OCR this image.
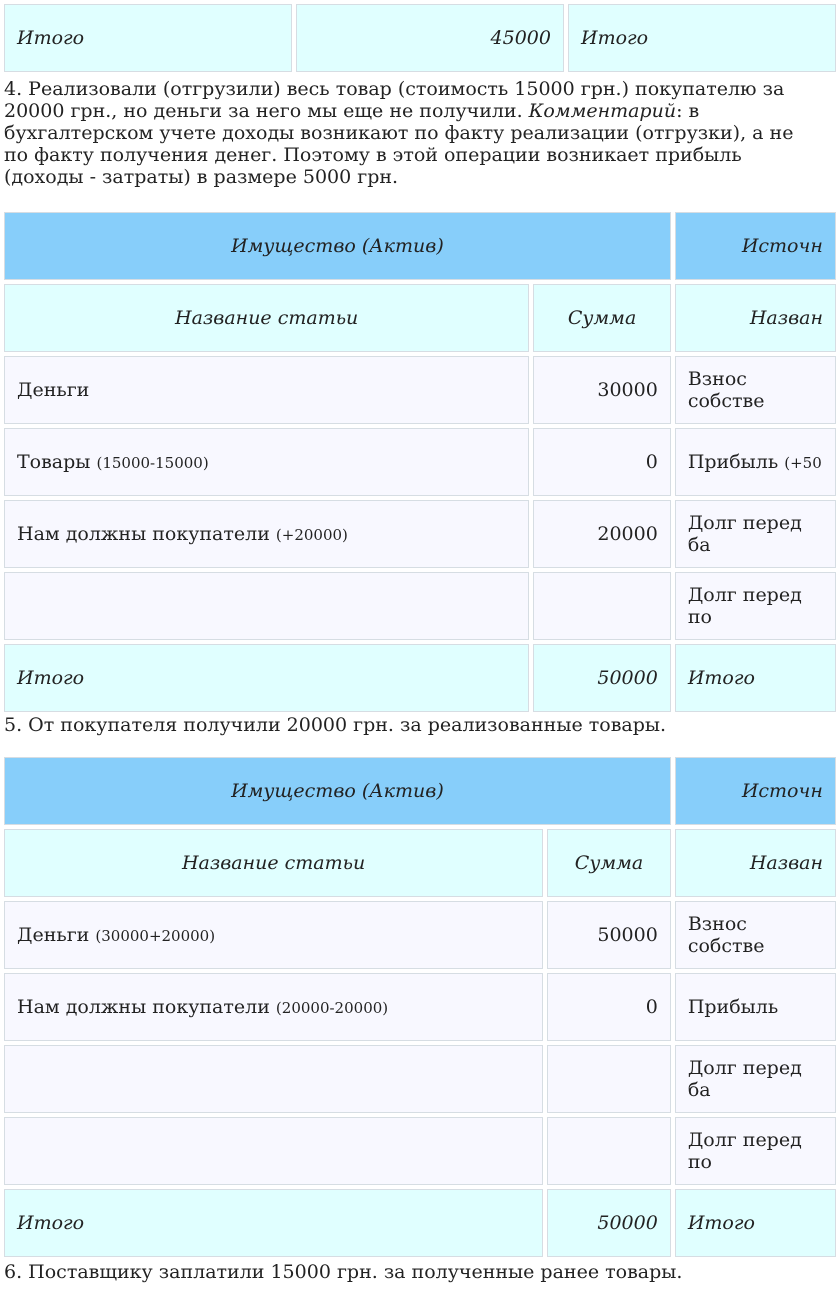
Итого	45000	Итого

4. Реализовали (отгрузили) весь товар (стоимость 15000 грн.) покупателю за 20000 грн., но деньги за него мы еще не получили. Комментарий: в бухгалтерском учете доходы возникают по факту реализации (отгрузки), а не по факту получения денег. Поэтому в этой операции возникает прибыль (доходы - затраты) в размере 5000 грн.

Имущество (Актив)		Источн
Название статьи	Сумма	Назван
Деньги	30000	Взнос собстве
Товары (15000-15000)	0	Прибыль (+50
Нам должны покупатели (+20000)	20000	Долг перед ба
		Долг перед по
Итого	50000	Итого

5. От покупателя получили 20000 грн. за реализованные товары.

Имущество (Актив)		Источн
Название статьи	Сумма	Назван
Деньги (30000+20000)	50000	Взнос собстве
Нам должны покупатели (20000-20000)	0	Прибыль
		Долг перед ба
		Долг перед по
Итого	50000	Итого

6. Поставщику заплатили 15000 грн. за полученные ранее товары.
